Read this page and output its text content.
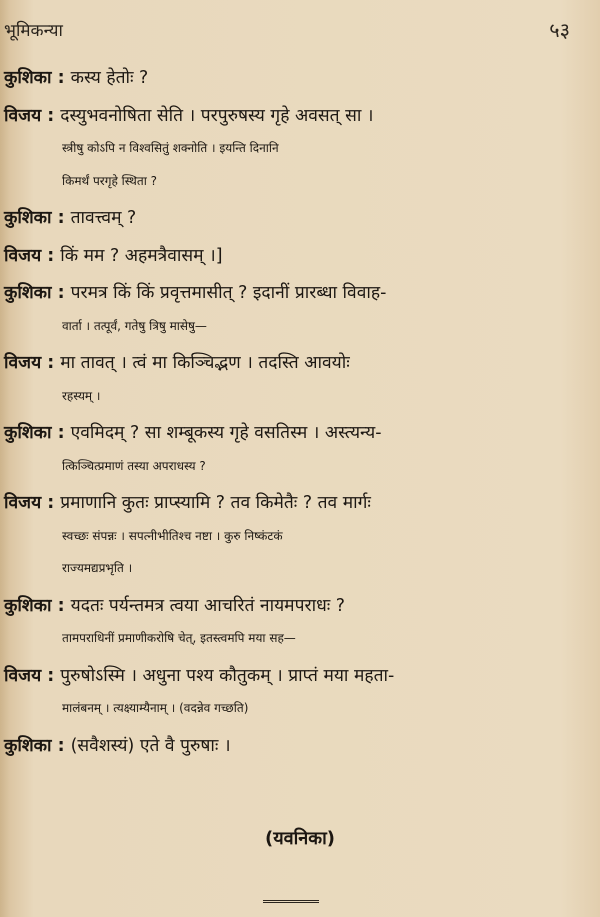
भूमिकन्या	५३
कुशिका : कस्य हेतोः ?
विजय : दस्युभवनोषिता सेति । परपुरुषस्य गृहे अवसत् सा ।
स्त्रीषु कोऽपि न विश्वसितुं शक्नोति । इयन्ति दिनानि
किमर्थं परगृहे स्थिता ?
कुशिका : तावत्त्वम् ?
विजय : किं मम ? अहमत्रैवासम् ।]
कुशिका : परमत्र किं किं प्रवृत्तमासीत् ? इदानीं प्रारब्धा विवाह-
वार्ता । तत्पूर्वं, गतेषु त्रिषु मासेषु—
विजय : मा तावत् । त्वं मा किञ्चिद्भण । तदस्ति आवयोः
रहस्यम् ।
कुशिका : एवमिदम् ? सा शम्बूकस्य गृहे वसतिस्म । अस्त्यन्य-
त्किञ्चित्प्रमाणं तस्या अपराधस्य ?
विजय : प्रमाणानि कुतः प्राप्स्यामि ? तव किमेतैः ? तव मार्गः
स्वच्छः संपन्नः । सपत्नीभीतिश्च नष्टा । कुरु निष्कंटकं
राज्यमद्यप्रभृति ।
कुशिका : यदतः पर्यन्तमत्र त्वया आचरितं नायमपराधः ?
तामपराधिनीं प्रमाणीकरोषि चेत्, इतस्त्वमपि मया सह—
विजय : पुरुषोऽस्मि । अधुना पश्य कौतुकम् । प्राप्तं मया महता-
मालंबनम् । त्यक्ष्याम्यैनाम् । (वदन्नेव गच्छति)
कुशिका : (सवैशस्यं) एते वै पुरुषाः ।
(यवनिका)
